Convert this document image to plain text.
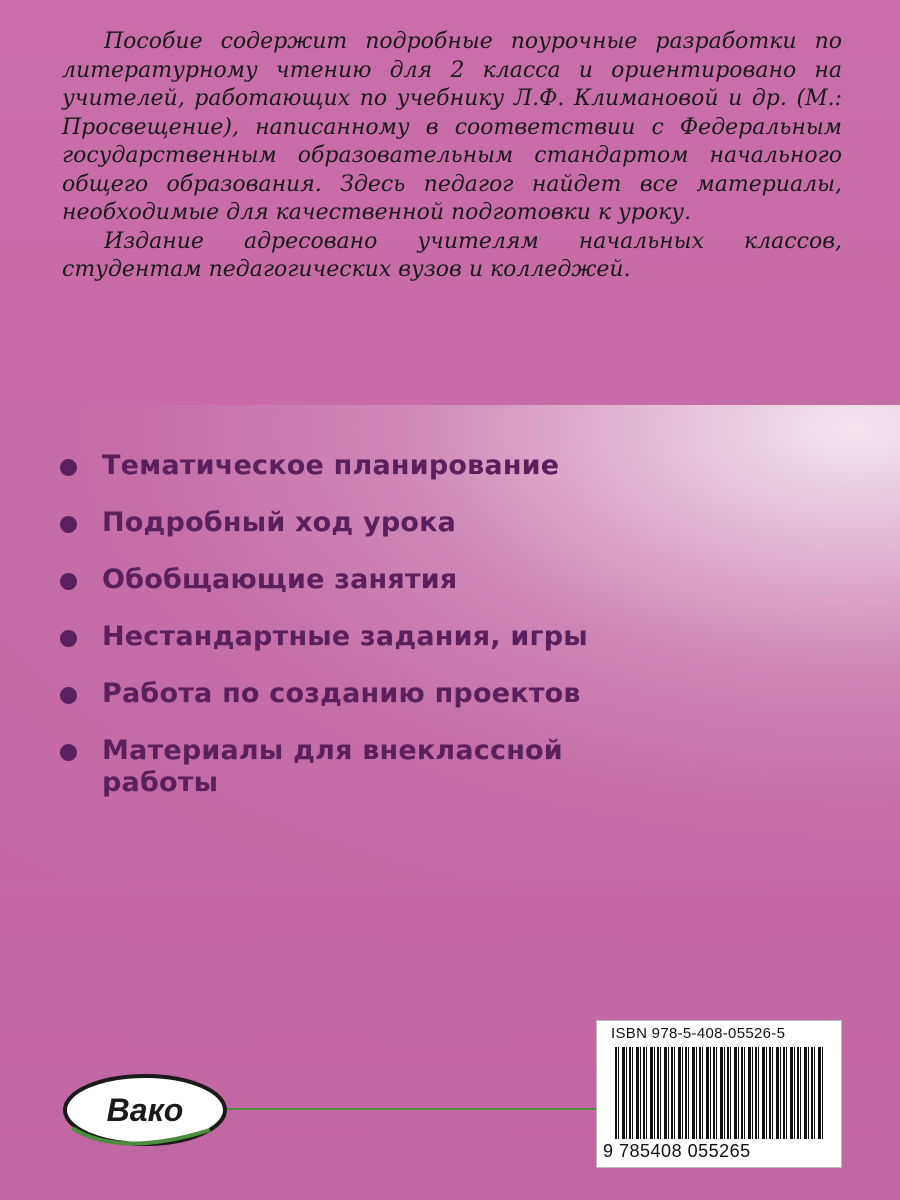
Пособие содержит подробные поурочные разработки по литературному чтению для 2 класса и ориентировано на учителей, работающих по учебнику Л.Ф. Климановой и др. (М.: Просвещение), написанному в соответствии с Федеральным государственным образовательным стандартом начального общего образования. Здесь педагог найдет все материалы, необходимые для качественной подготовки к уроку.

Издание адресовано учителям начальных классов, студентам педагогических вузов и колледжей.

Тематическое планирование
Подробный ход урока
Обобщающие занятия
Нестандартные задания, игры
Работа по созданию проектов
Материалы для внеклассной
работы
Вако
ISBN 978-5-408-05526-5
9 785408 055265
